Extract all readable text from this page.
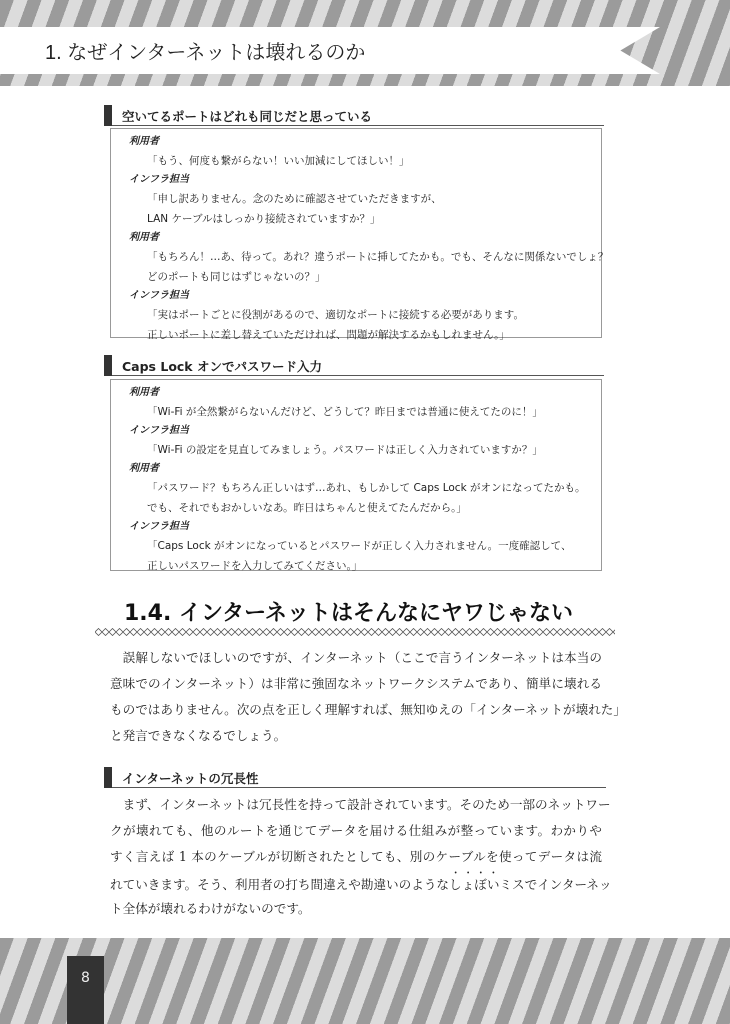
1. なぜインターネットは壊れるのか
空いてるポートはどれも同じだと思っている
利用者
「もう、何度も繋がらない！いい加減にしてほしい！」
インフラ担当
「申し訳ありません。念のために確認させていただきますが、
LAN ケーブルはしっかり接続されていますか？」
利用者
「もちろん！…あ、待って。あれ？違うポートに挿してたかも。でも、そんなに関係ないでしょ？
どのポートも同じはずじゃないの？」
インフラ担当
「実はポートごとに役割があるので、適切なポートに接続する必要があります。
正しいポートに差し替えていただければ、問題が解決するかもしれません。」
Caps Lock オンでパスワード入力
利用者
「Wi-Fi が全然繋がらないんだけど、どうして？昨日までは普通に使えてたのに！」
インフラ担当
「Wi-Fi の設定を見直してみましょう。パスワードは正しく入力されていますか？」
利用者
「パスワード？もちろん正しいはず…あれ、もしかして Caps Lock がオンになってたかも。
でも、それでもおかしいなあ。昨日はちゃんと使えてたんだから。」
インフラ担当
「Caps Lock がオンになっているとパスワードが正しく入力されません。一度確認して、
正しいパスワードを入力してみてください。」
1.4. インターネットはそんなにヤワじゃない
　誤解しないでほしいのですが、インターネット（ここで言うインターネットは本当の
意味でのインターネット）は非常に強固なネットワークシステムであり、簡単に壊れる
ものではありません。次の点を正しく理解すれば、無知ゆえの「インターネットが壊れた」
と発言できなくなるでしょう。
インターネットの冗長性
　まず、インターネットは冗長性を持って設計されています。そのため一部のネットワー
クが壊れても、他のルートを通じてデータを届ける仕組みが整っています。わかりや
すく言えば 1 本のケーブルが切断されたとしても、別のケーブルを使ってデータは流
れていきます。そう、利用者の打ち間違えや勘違いのようなしょぼいミスでインターネッ
ト全体が壊れるわけがないのです。
8
